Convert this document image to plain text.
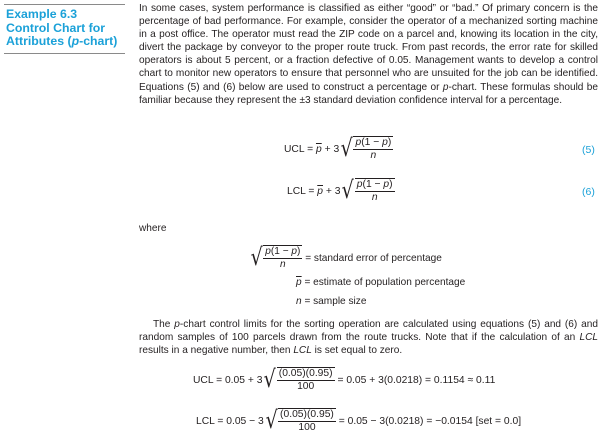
Example 6.3
Control Chart for
Attributes (p-chart)

In some cases, system performance is classified as either “good” or “bad.” Of primary concern is the percentage of bad performance. For example, consider the operator of a mechanized sorting machine in a post office. The operator must read the ZIP code on a parcel and, knowing its location in the city, divert the package by conveyor to the proper route truck. From past records, the error rate for skilled operators is about 5 percent, or a fraction defective of 0.05. Management wants to develop a control chart to monitor new operators to ensure that personnel who are unsuited for the job can be identified. Equations (5) and (6) below are used to construct a percentage or p-chart. These formulas should be familiar because they represent the ±3 standard deviation confidence interval for a percentage.

UCL =
$\overline{p}$
+ 3 √ $\frac{p(1 - \overline{p})}{n}$	(5)
LCL =
$\overline{p}$
+ 3 √ $\frac{p(1 - \overline{p})}{n}$	(6)
where
√ $\frac{p(1 - \overline{p})}{n}$
= standard error of percentage
$\overline{p}$
= estimate of population percentage
n
= sample size

The p-chart control limits for the sorting operation are calculated using equations (5) and (6) and random samples of 100 parcels drawn from the route trucks. Note that if the calculation of an LCL results in a negative number, then LCL is set equal to zero.

UCL = 0.05 + 3 √ $\frac{(0.05)(0.95)}{100}$
= 0.05 + 3(0.0218) = 0.1154 ≈ 0.11
LCL = 0.05 − 3 √ $\frac{(0.05)(0.95)}{100}$
= 0.05 − 3(0.0218) = −0.0154 [set = 0.0]
